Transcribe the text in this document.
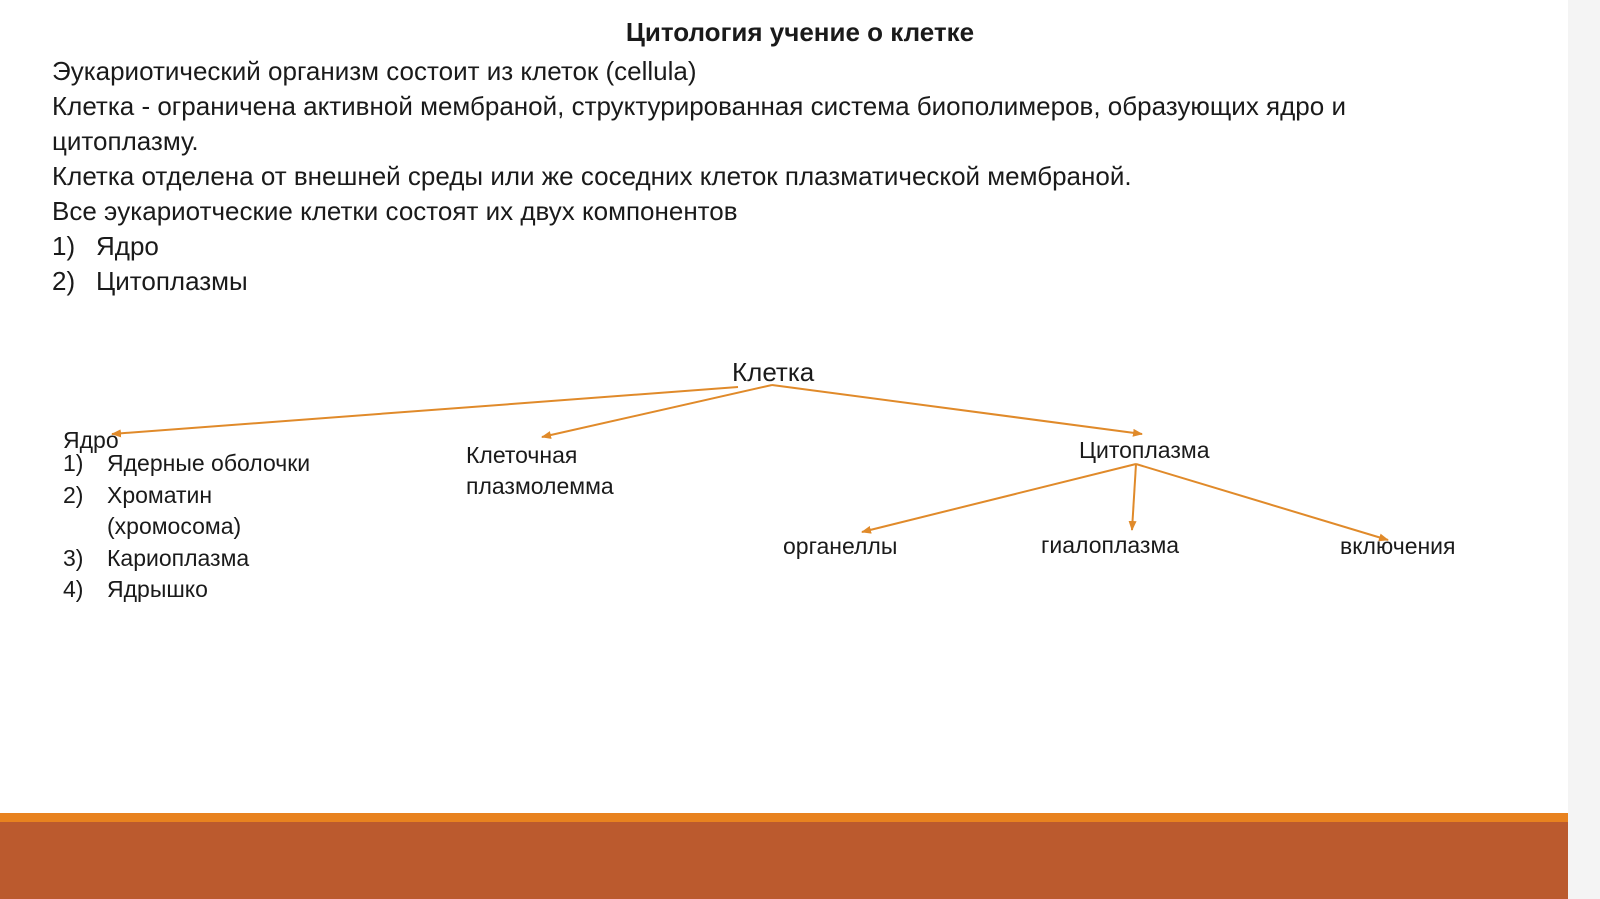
Цитология учение о клетке

Эукариотический организм состоит из клеток (cellula)

Клетка - ограничена активной мембраной, структурированная система биополимеров, образующих ядро и цитоплазму.

Клетка отделена от внешней среды или же соседних клеток плазматической мембраной.

Все эукариотческие клетки состоят их двух компонентов

1) Ядро
2) Цитоплазмы
Клетка
Ядро
1)	Ядерные оболочки
2)	Хроматин (хромосома)
3)	Кариоплазма
4)	Ядрышко
Клеточная
плазмолемма
Цитоплазма
органеллы	гиалоплазма	включения
